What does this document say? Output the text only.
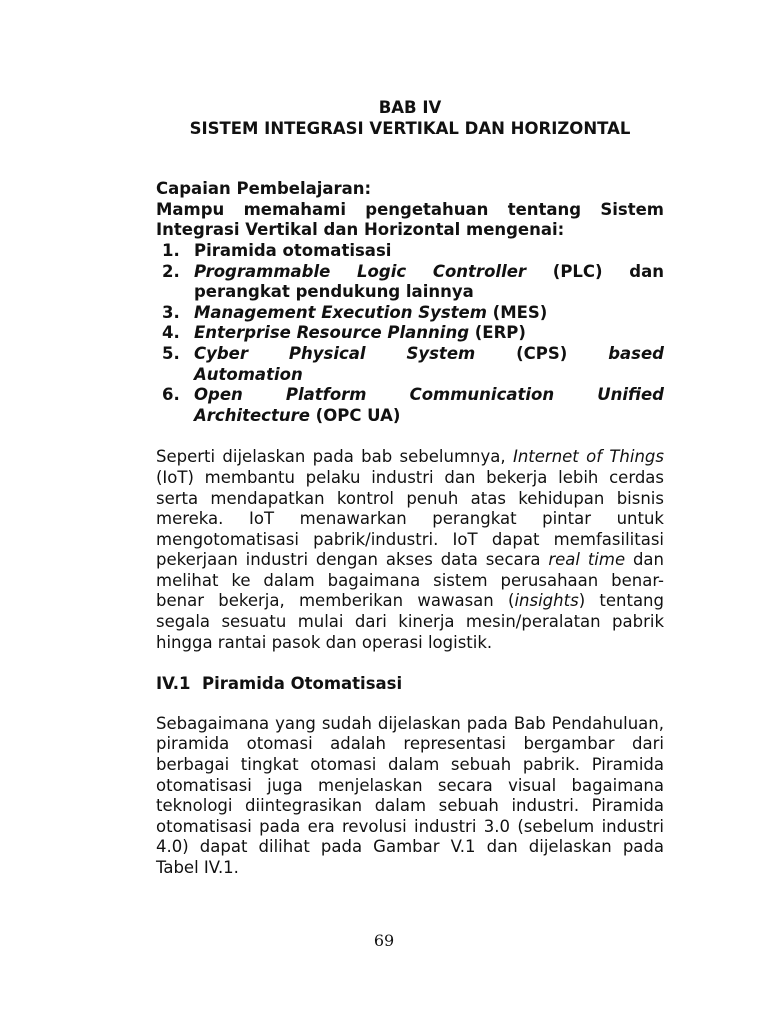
BAB IV

SISTEM INTEGRASI VERTIKAL DAN HORIZONTAL

Capaian Pembelajaran:

Mampu memahami pengetahuan tentang Sistem Integrasi Vertikal dan Horizontal mengenai:

1. Piramida otomatisasi
2. Programmable Logic Controller (PLC) dan
perangkat pendukung lainnya
3. Management Execution System (MES)
4. Enterprise Resource Planning (ERP)
5. Cyber Physical System (CPS) based
Automation
6. Open Platform Communication Unified
Architecture (OPC UA)

Seperti dijelaskan pada bab sebelumnya, Internet of Things (IoT) membantu pelaku industri dan bekerja lebih cerdas serta mendapatkan kontrol penuh atas kehidupan bisnis mereka. IoT menawarkan perangkat pintar untuk mengotomatisasi pabrik/industri. IoT dapat memfasilitasi pekerjaan industri dengan akses data secara real time dan melihat ke dalam bagaimana sistem perusahaan benar-benar bekerja, memberikan wawasan (insights) tentang segala sesuatu mulai dari kinerja mesin/peralatan pabrik hingga rantai pasok dan operasi logistik.

IV.1 Piramida Otomatisasi

Sebagaimana yang sudah dijelaskan pada Bab Pendahuluan, piramida otomasi adalah representasi bergambar dari berbagai tingkat otomasi dalam sebuah pabrik. Piramida otomatisasi juga menjelaskan secara visual bagaimana teknologi diintegrasikan dalam sebuah industri. Piramida otomatisasi pada era revolusi industri 3.0 (sebelum industri 4.0) dapat dilihat pada Gambar V.1 dan dijelaskan pada Tabel IV.1.

69
